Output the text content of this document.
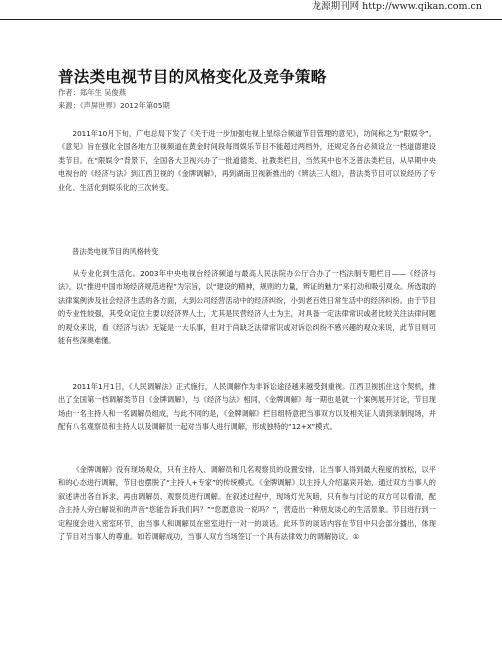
龙源期刊网 http://www.qikan.com.cn
普法类电视节目的风格变化及竞争策略
作者：郑年生 吴俊燕
来源：《声屏世界》2012年第05期

2011年10月下旬，广电总局下发了《关于进一步加强电视上星综合频道节目管理的意见》，坊间称之为“限娱令”。《意见》旨在强化全国各地方卫视频道在黄金时间段每周娱乐节目不能超过两档外，还规定各台必须设立一档道德建设类节目。在“限娱令”背景下，全国各大卫视兴办了一批道德类、社教类栏目，当然其中也不乏普法类栏目，从早期中央电视台的《经济与法》到江西卫视的《金牌调解》，再到湖南卫视新推出的《辨法三人组》，普法类节目可以说经历了专业化、生活化到娱乐化的三次转变。

普法类电视节目的风格转变

从专业化到生活化。2003年中央电视台经济频道与最高人民法院办公厅合办了一档法制专题栏目——《经济与法》，以“推进中国市场经济规范进程”为宗旨，以“建设的精神，规则的力量，辨证的魅力”来打动和吸引观众。所选取的法律案例涉及社会经济生活的各方面，大到公司经营活动中的经济纠纷，小到老百姓日常生活中的经济纠纷。由于节目的专业性较强，其受众定位主要以经济界人士，尤其是民营经济人士为主，对具备一定法律常识或者比较关注法律问题的观众来说，看《经济与法》无疑是一大乐事，但对于尚缺乏法律常识或对诉讼纠纷不感兴趣的观众来说，此节目则可能有些深奥难懂。

2011年1月1日，《人民调解法》正式施行，人民调解作为非诉讼途径越来越受到重视。江西卫视抓住这个契机，推出了全国第一档调解类节目《金牌调解》，与《经济与法》相同，《金牌调解》每一期也是就一个案例展开讨论，节目现场由一名主持人和一名调解员组成，与此不同的是，《金牌调解》栏目组特意把当事双方以及相关证人请到录制现场，并配有八名观察员和主持人以及调解员一起对当事人进行调解，形成独特的“12+X”模式。

《金牌调解》没有现场观众，只有主持人、调解员和几名观察员的设置安排，让当事人得到最大程度的放松，以平和的心态进行调解，节目也摆脱了“主持人+专家”的传统模式。《金牌调解》以主持人介绍嘉宾开始，通过双方当事人的叙述讲出各自诉求，再由调解员、观察员进行调解。在叙述过程中，现场灯光灰暗，只有参与讨论的双方可以看清，配合主持人旁白解说和的声音“您能告诉我们吗？”“您愿意说一说吗？”，营造出一种朋友谈心的生活景象。节目进行到一定程度会进入密室环节，由当事人和调解员在密室进行一对一的谈话。此环节的谈话内容在节目中只会部分播出，体现了节目对当事人的尊重。如若调解成功，当事人双方当场签订一个具有法律效力的调解协议。①
